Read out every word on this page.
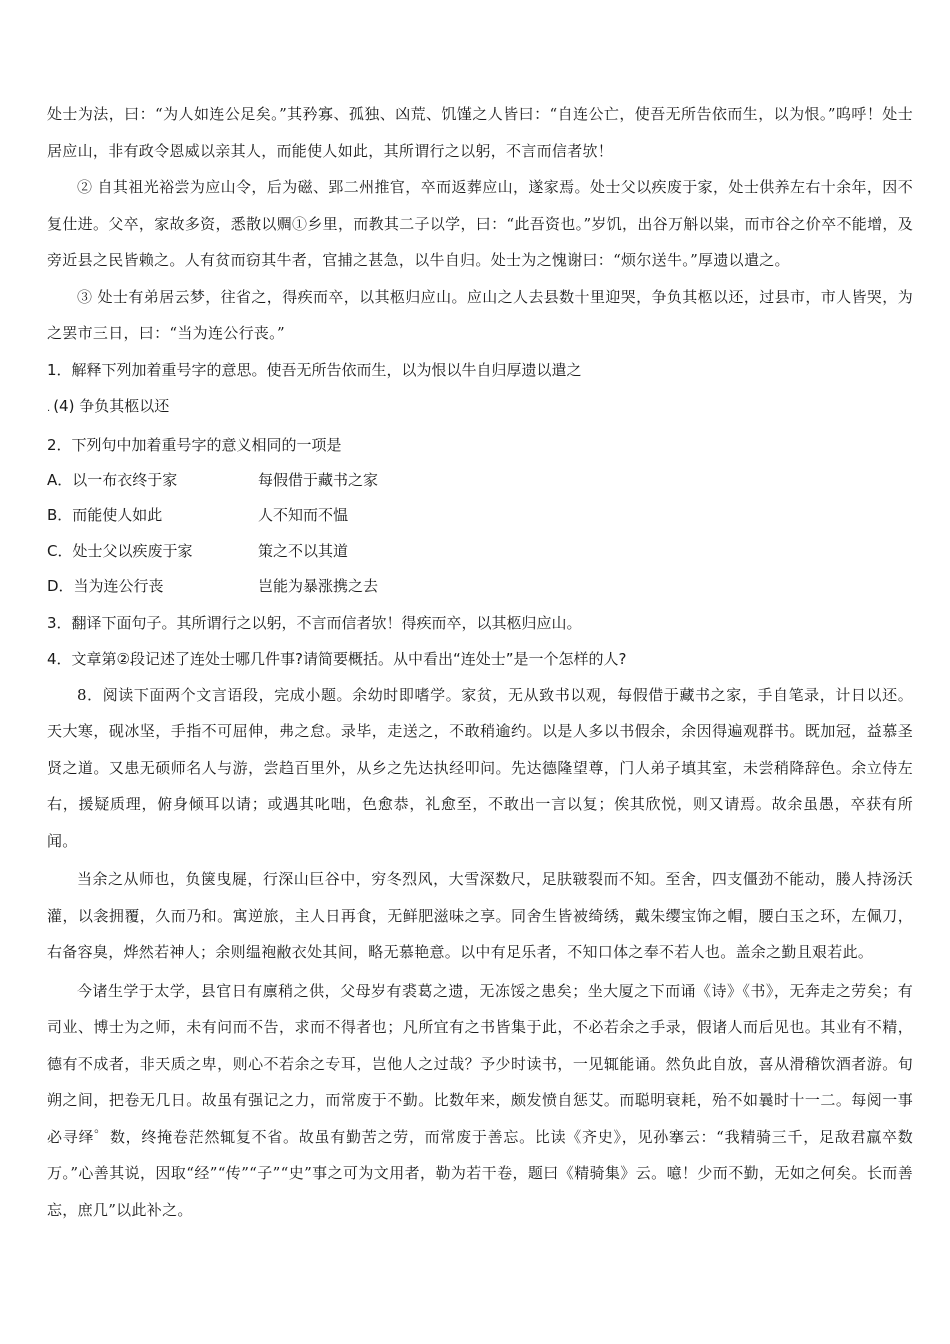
处士为法，曰：“为人如连公足矣。”其矜寡、孤独、凶荒、饥馑之人皆曰：“自连公亡，使吾无所告依而生，以为恨。”呜呼！处士居应山，非有政令恩威以亲其人，而能使人如此，其所谓行之以躬，不言而信者欤！

② 自其祖光裕尝为应山令，后为磁、郢二州推官，卒而返葬应山，遂家焉。处士父以疾废于家，处士供养左右十余年，因不复仕进。父卒，家故多资，悉散以赒①乡里，而教其二子以学，曰：“此吾资也。”岁饥，出谷万斛以粜，而市谷之价卒不能增，及旁近县之民皆赖之。人有贫而窃其牛者，官捕之甚急，以牛自归。处士为之愧谢曰：“烦尔送牛。”厚遗以遣之。

③ 处士有弟居云梦，往省之，得疾而卒，以其柩归应山。应山之人去县数十里迎哭，争负其柩以还，过县市，市人皆哭，为之罢市三日，曰：“当为连公行丧。”

1．解释下列加着重号字的意思。使吾无所告依而生，以为恨以牛自归厚遗以遣之

. (4) 争负其柩以还

2．下列句中加着重号字的意义相同的一项是

A．以一布衣终于家	每假借于藏书之家
B．而能使人如此	人不知而不愠
C．处士父以疾废于家	策之不以其道
D．当为连公行丧	岂能为暴涨携之去

3．翻译下面句子。其所谓行之以躬，不言而信者欤！得疾而卒，以其柩归应山。

4．文章第②段记述了连处士哪几件事?请简要概括。从中看出“连处士”是一个怎样的人?

8．阅读下面两个文言语段，完成小题。余幼时即嗜学。家贫，无从致书以观，每假借于藏书之家，手自笔录，计日以还。天大寒，砚冰坚，手指不可屈伸，弗之怠。录毕，走送之，不敢稍逾约。以是人多以书假余，余因得遍观群书。既加冠，益慕圣贤之道。又患无硕师名人与游，尝趋百里外，从乡之先达执经叩问。先达德隆望尊，门人弟子填其室，未尝稍降辞色。余立侍左右，援疑质理，俯身倾耳以请；或遇其叱咄，色愈恭，礼愈至，不敢出一言以复；俟其欣悦，则又请焉。故余虽愚，卒获有所闻。

当余之从师也，负箧曳屣，行深山巨谷中，穷冬烈风，大雪深数尺，足肤皲裂而不知。至舍，四支僵劲不能动，媵人持汤沃灌，以衾拥覆，久而乃和。寓逆旅，主人日再食，无鲜肥滋味之享。同舍生皆被绮绣，戴朱缨宝饰之帽，腰白玉之环，左佩刀，右备容臭，烨然若神人；余则缊袍敝衣处其间，略无慕艳意。以中有足乐者，不知口体之奉不若人也。盖余之勤且艰若此。

今诸生学于太学，县官日有廪稍之供，父母岁有裘葛之遗，无冻馁之患矣；坐大厦之下而诵《诗》《书》，无奔走之劳矣；有司业、博士为之师，未有问而不告，求而不得者也；凡所宜有之书皆集于此，不必若余之手录，假诸人而后见也。其业有不精，德有不成者，非天质之卑，则心不若余之专耳，岂他人之过哉？予少时读书，一见辄能诵。然负此自放，喜从滑稽饮酒者游。旬朔之间，把卷无几日。故虽有强记之力，而常废于不勤。比数年来，颇发愤自惩艾。而聪明衰耗，殆不如曩时十一二。每阅一事必寻绎゜数，终掩卷茫然辄复不省。故虽有勤苦之劳，而常废于善忘。比读《齐史》，见孙搴云：“我精骑三千，足敌君羸卒数万。”心善其说，因取“经”“传”“子”“史”事之可为文用者，勒为若干卷，题曰《精骑集》云。噫！少而不勤，无如之何矣。长而善忘，庶几”以此补之。
